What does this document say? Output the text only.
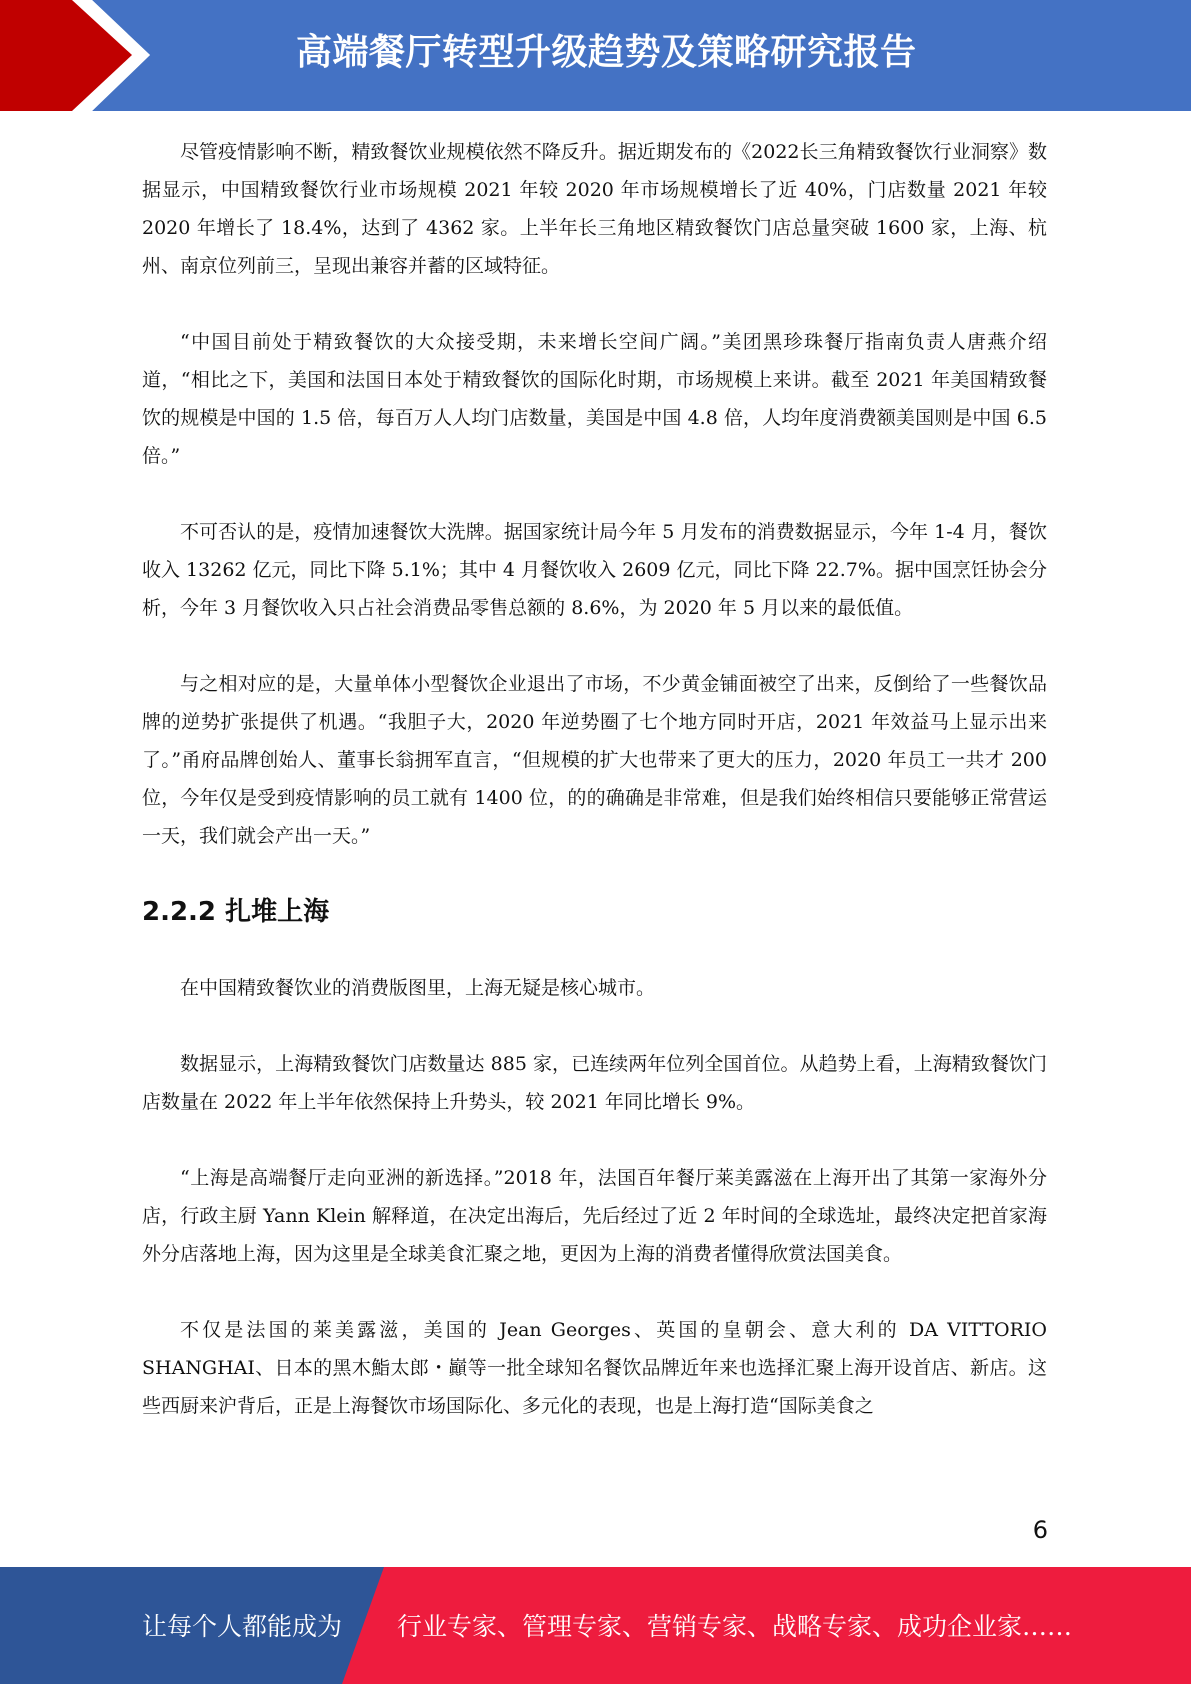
高端餐厅转型升级趋势及策略研究报告

尽管疫情影响不断，精致餐饮业规模依然不降反升。据近期发布的《2022长三角精致餐饮行业洞察》数据显示，中国精致餐饮行业市场规模 2021 年较 2020 年市场规模增长了近 40%，门店数量 2021 年较 2020 年增长了 18.4%，达到了 4362 家。上半年长三角地区精致餐饮门店总量突破 1600 家，上海、杭州、南京位列前三，呈现出兼容并蓄的区域特征。

“中国目前处于精致餐饮的大众接受期，未来增长空间广阔。”美团黑珍珠餐厅指南负责人唐燕介绍道，“相比之下，美国和法国日本处于精致餐饮的国际化时期，市场规模上来讲。截至 2021 年美国精致餐饮的规模是中国的 1.5 倍，每百万人人均门店数量，美国是中国 4.8 倍，人均年度消费额美国则是中国 6.5 倍。”

不可否认的是，疫情加速餐饮大洗牌。据国家统计局今年 5 月发布的消费数据显示，今年 1-4 月，餐饮收入 13262 亿元，同比下降 5.1%；其中 4 月餐饮收入 2609 亿元，同比下降 22.7%。据中国烹饪协会分析，今年 3 月餐饮收入只占社会消费品零售总额的 8.6%，为 2020 年 5 月以来的最低值。

与之相对应的是，大量单体小型餐饮企业退出了市场，不少黄金铺面被空了出来，反倒给了一些餐饮品牌的逆势扩张提供了机遇。“我胆子大，2020 年逆势圈了七个地方同时开店，2021 年效益马上显示出来了。”甬府品牌创始人、董事长翁拥军直言，“但规模的扩大也带来了更大的压力，2020 年员工一共才 200 位，今年仅是受到疫情影响的员工就有 1400 位，的的确确是非常难，但是我们始终相信只要能够正常营运一天，我们就会产出一天。”

2.2.2 扎堆上海

在中国精致餐饮业的消费版图里，上海无疑是核心城市。

数据显示，上海精致餐饮门店数量达 885 家，已连续两年位列全国首位。从趋势上看，上海精致餐饮门店数量在 2022 年上半年依然保持上升势头，较 2021 年同比增长 9%。

“上海是高端餐厅走向亚洲的新选择。”2018 年，法国百年餐厅莱美露滋在上海开出了其第一家海外分店，行政主厨 Yann Klein 解释道，在决定出海后，先后经过了近 2 年时间的全球选址，最终决定把首家海外分店落地上海，因为这里是全球美食汇聚之地，更因为上海的消费者懂得欣赏法国美食。

不仅是法国的莱美露滋，美国的 Jean Georges、英国的皇朝会、意大利的 DA VITTORIO SHANGHAI、日本的黑木鮨太郎・巓等一批全球知名餐饮品牌近年来也选择汇聚上海开设首店、新店。这些西厨来沪背后，正是上海餐饮市场国际化、多元化的表现，也是上海打造“国际美食之

6
让每个人都能成为 行业专家、管理专家、营销专家、战略专家、成功企业家……
